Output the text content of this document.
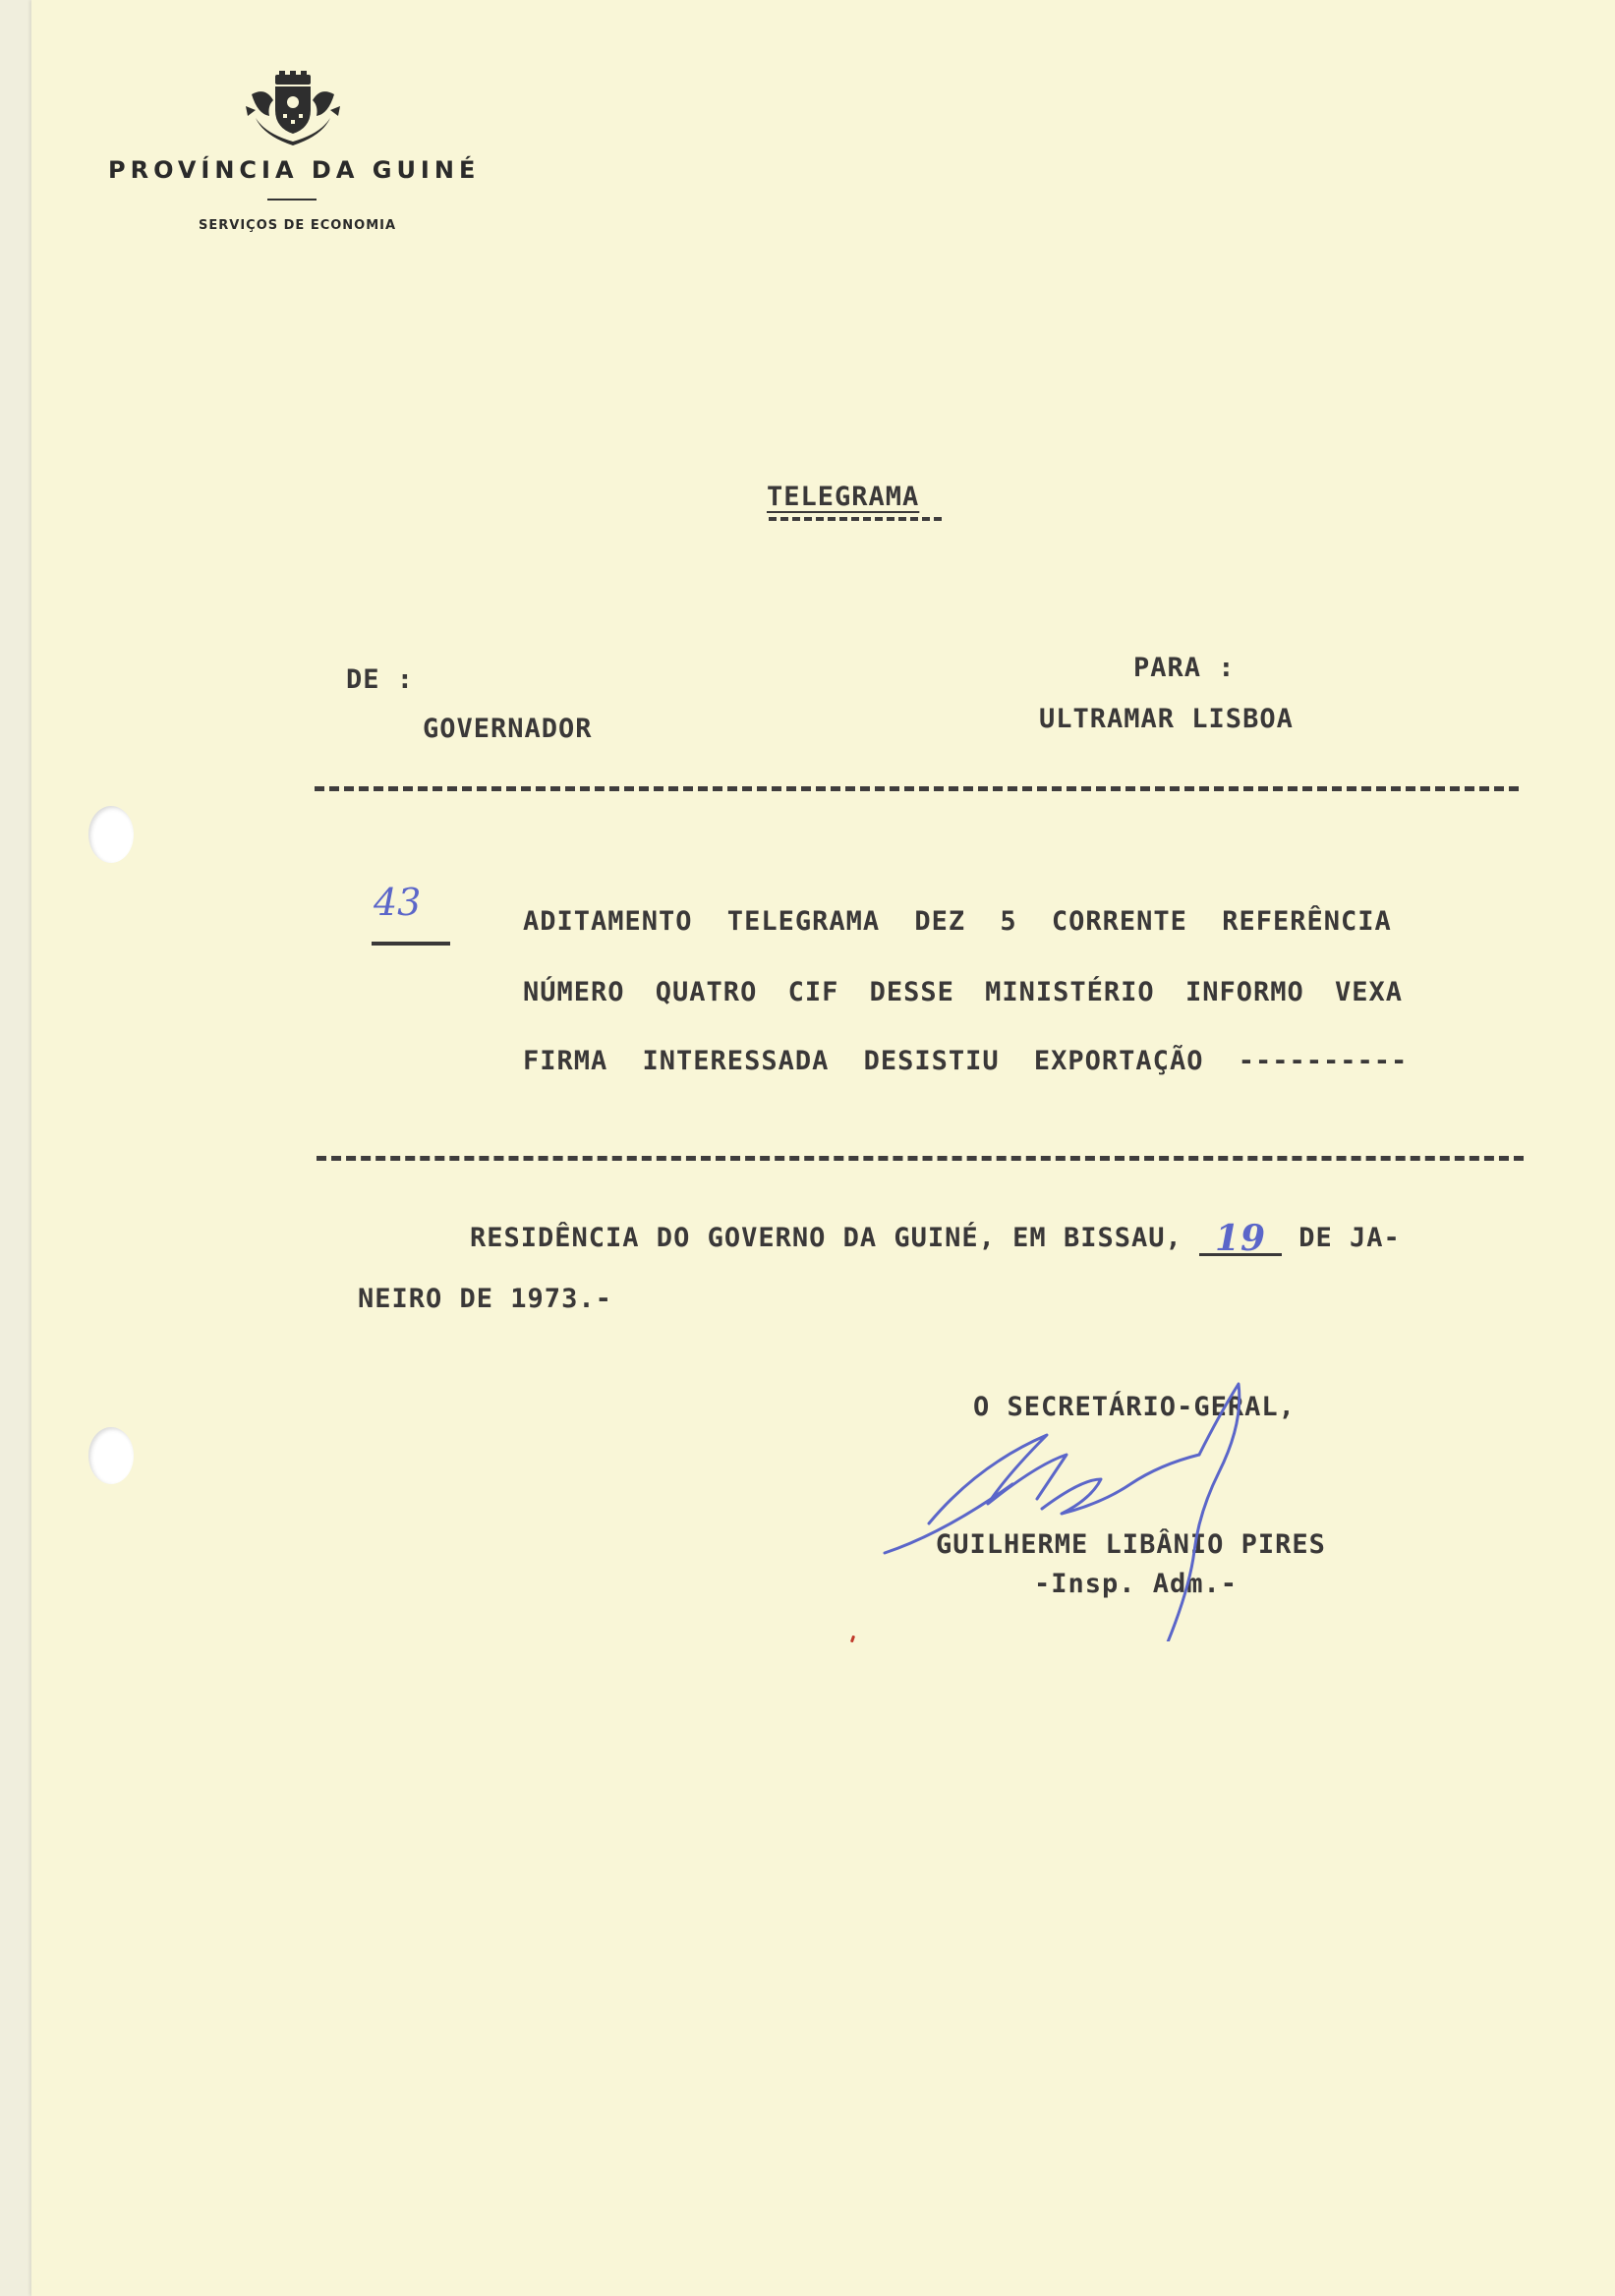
PROVÍNCIA DA GUINÉ
SERVIÇOS DE ECONOMIA
TELEGRAMA
DE :
GOVERNADOR
PARA :
ULTRAMAR LISBOA
43	ADITAMENTO TELEGRAMA DEZ 5 CORRENTE REFERÊNCIA
NÚMERO QUATRO CIF DESSE MINISTÉRIO INFORMO VEXA
FIRMA INTERESSADA DESISTIU EXPORTAÇÃO ----------
RESIDÊNCIA DO GOVERNO DA GUINÉ, EM BISSAU, 19 DE JA-
NEIRO DE 1973.-
O SECRETÁRIO-GERAL,
GUILHERME LIBÂNIO PIRES
-Insp. Adm.-
